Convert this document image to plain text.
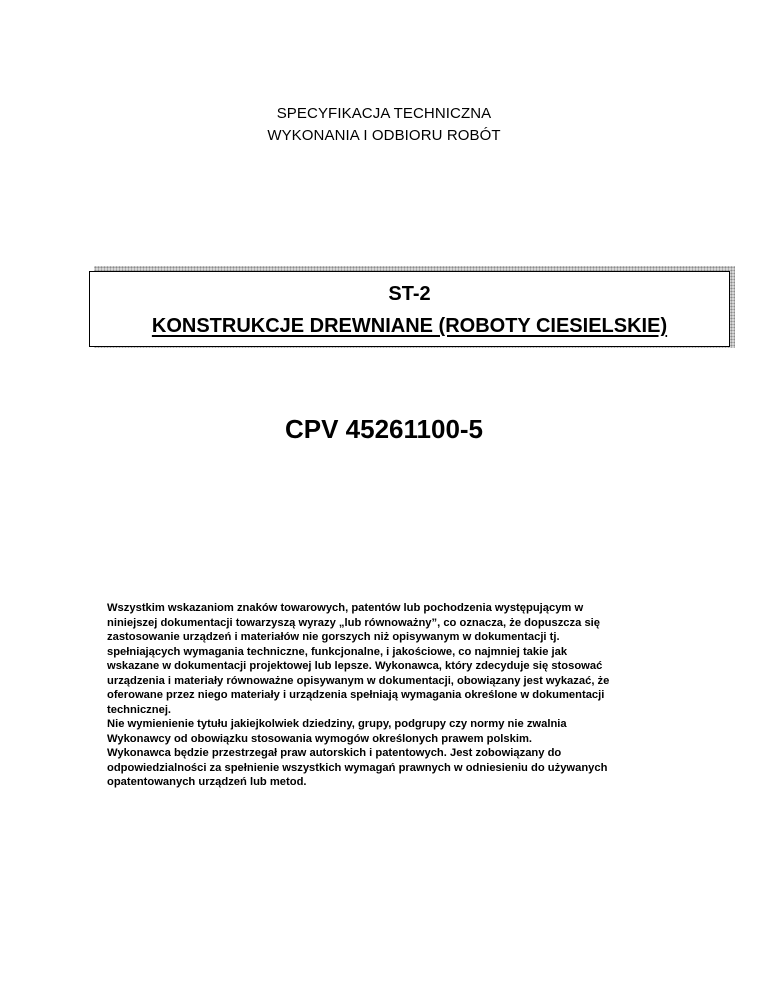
SPECYFIKACJA TECHNICZNA
WYKONANIA I ODBIORU ROBÓT
ST-2
KONSTRUKCJE DREWNIANE (ROBOTY CIESIELSKIE)
CPV 45261100-5
Wszystkim wskazaniom znaków towarowych, patentów lub pochodzenia występującym w
niniejszej dokumentacji towarzyszą wyrazy „lub równoważny”, co oznacza, że dopuszcza się
zastosowanie urządzeń i materiałów nie gorszych niż opisywanym w dokumentacji tj.
spełniających wymagania techniczne, funkcjonalne, i jakościowe, co najmniej takie jak
wskazane w dokumentacji projektowej lub lepsze. Wykonawca, który zdecyduje się stosować
urządzenia i materiały równoważne opisywanym w dokumentacji, obowiązany jest wykazać, że
oferowane przez niego materiały i urządzenia spełniają wymagania określone w dokumentacji
technicznej.
Nie wymienienie tytułu jakiejkolwiek dziedziny, grupy, podgrupy czy normy nie zwalnia
Wykonawcy od obowiązku stosowania wymogów określonych prawem polskim.
Wykonawca będzie przestrzegał praw autorskich i patentowych. Jest zobowiązany do
odpowiedzialności za spełnienie wszystkich wymagań prawnych w odniesieniu do używanych
opatentowanych urządzeń lub metod.
